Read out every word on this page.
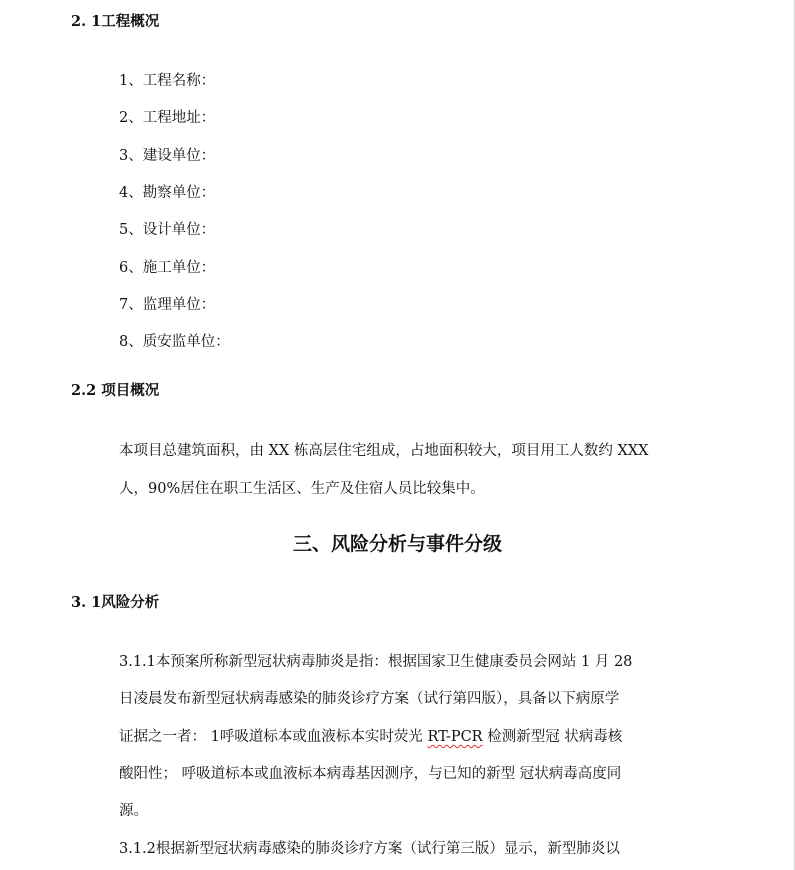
2. 1工程概况

1、工程名称：

2、工程地址：

3、建设单位：

4、勘察单位：

5、设计单位：

6、施工单位：

7、监理单位：

8、质安监单位：

2.2 项目概况

本项目总建筑面积，由 XX 栋高层住宅组成，占地面积较大，项目用工人数约 XXX

人，90%居住在职工生活区、生产及住宿人员比较集中。

三、风险分析与事件分级
3. 1风险分析

3.1.1本预案所称新型冠状病毒肺炎是指：根据国家卫生健康委员会网站 1 月 28

日凌晨发布新型冠状病毒感染的肺炎诊疗方案（试行第四版），具备以下病原学

证据之一者： 1呼吸道标本或血液标本实时荧光 RT-PCR 检测新型冠 状病毒核

酸阳性； 呼吸道标本或血液标本病毒基因测序，与已知的新型 冠状病毒高度同

源。

3.1.2根据新型冠状病毒感染的肺炎诊疗方案（试行第三版）显示，新型肺炎以
